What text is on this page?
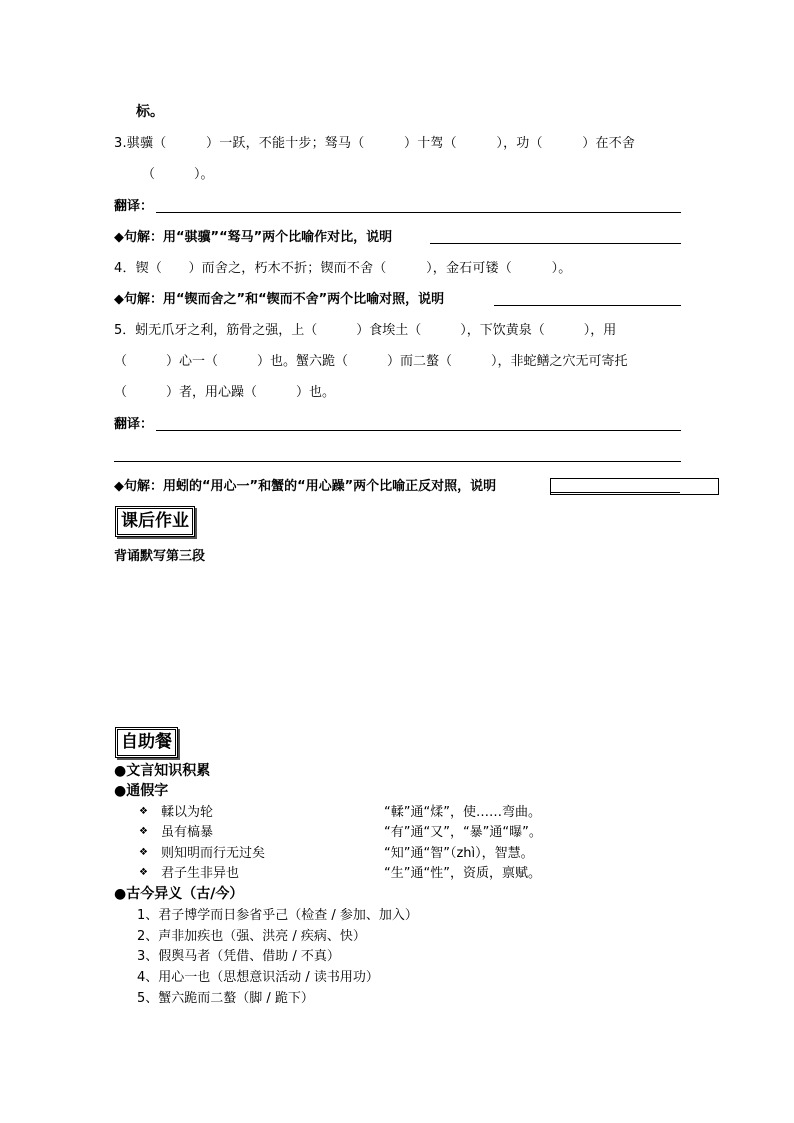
标。
3.骐骥（　　　）一跃，不能十步；驽马（　　　）十驾（　　　），功（　　　）在不舍
（　　　）。
翻译：
◆句解：用“骐骥”“驽马”两个比喻作对比，说明
4．锲（　　）而舍之，朽木不折；锲而不舍（　　　），金石可镂（　　　）。
◆句解：用“锲而舍之”和“锲而不舍”两个比喻对照，说明
5．蚓无爪牙之利，筋骨之强，上（　　　）食埃土（　　　），下饮黄泉（　　　），用
（　　　）心一（　　　）也。蟹六跪（　　　）而二螯（　　　），非蛇鳝之穴无可寄托
（　　　）者，用心躁（　　　）也。
翻译：
◆句解：用蚓的“用心一”和蟹的“用心躁”两个比喻正反对照，说明
课后作业
背诵默写第三段
自助餐
●文言知识积累
●通假字
❖ 輮以为轮	“輮”通“煣”，使……弯曲。
❖ 虽有槁暴	“有”通“又”，“暴”通“曝”。
❖ 则知明而行无过矣	“知”通“智”（zhì），智慧。
❖ 君子生非异也	“生”通“性”，资质，禀赋。
●古今异义（古/今）
1、君子博学而日参省乎己（检查 / 参加、加入）
2、声非加疾也（强、洪亮 / 疾病、快）
3、假舆马者（凭借、借助 / 不真）
4、用心一也（思想意识活动 / 读书用功）
5、蟹六跪而二螯（脚 / 跪下）
